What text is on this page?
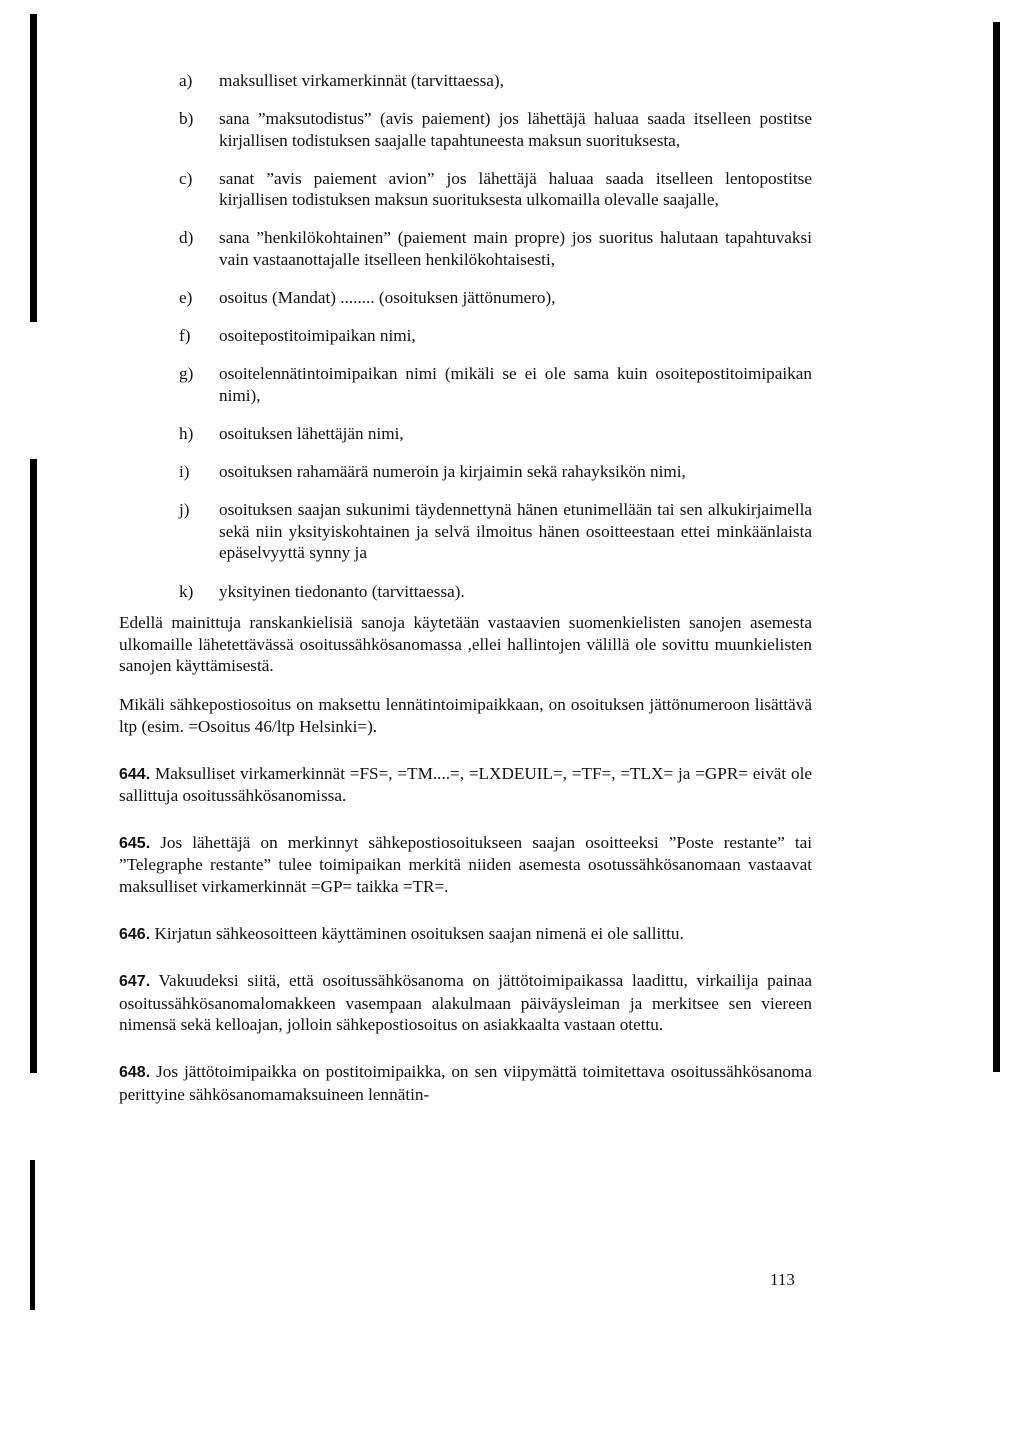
a)	maksulliset virkamerkinnät (tarvittaessa),
b)	sana ”maksutodistus” (avis paiement) jos lähettäjä haluaa saada itselleen postitse kirjallisen todistuksen saajalle tapahtuneesta maksun suorituksesta,
c)	sanat ”avis paiement avion” jos lähettäjä haluaa saada itselleen lentopostitse kirjallisen todistuksen maksun suorituksesta ulkomailla olevalle saajalle,
d)	sana ”henkilökohtainen” (paiement main propre) jos suoritus halutaan tapahtuvaksi vain vastaanottajalle itselleen henkilökohtaisesti,
e)	osoitus (Mandat) ........ (osoituksen jättönumero),
f)	osoitepostitoimipaikan nimi,
g)	osoitelennätintoimipaikan nimi (mikäli se ei ole sama kuin osoitepostitoimipaikan nimi),
h)	osoituksen lähettäjän nimi,
i)	osoituksen rahamäärä numeroin ja kirjaimin sekä rahayksikön nimi,
j)	osoituksen saajan sukunimi täydennettynä hänen etunimellään tai sen alkukirjaimella sekä niin yksityiskohtainen ja selvä ilmoitus hänen osoitteestaan ettei minkäänlaista epäselvyyttä synny ja
k)	yksityinen tiedonanto (tarvittaessa).

Edellä mainittuja ranskankielisiä sanoja käytetään vastaavien suomenkielisten sanojen asemesta ulkomaille lähetettävässä osoitussähkösanomassa ,ellei hallintojen välillä ole sovittu muunkielisten sanojen käyttämisestä.

Mikäli sähkepostiosoitus on maksettu lennätintoimipaikkaan, on osoituksen jättönumeroon lisättävä ltp (esim. =Osoitus 46/ltp Helsinki=).

644. Maksulliset virkamerkinnät =FS=, =TM....=, =LXDEUIL=, =TF=, =TLX= ja =GPR= eivät ole sallittuja osoitussähkösanomissa.

645. Jos lähettäjä on merkinnyt sähkepostiosoitukseen saajan osoitteeksi ”Poste restante” tai ”Telegraphe restante” tulee toimipaikan merkitä niiden asemesta osotussähkösanomaan vastaavat maksulliset virkamerkinnät =GP= taikka =TR=.

646. Kirjatun sähkeosoitteen käyttäminen osoituksen saajan nimenä ei ole sallittu.

647. Vakuudeksi siitä, että osoitussähkösanoma on jättötoimipaikassa laadittu, virkailija painaa osoitussähkösanomalomakkeen vasempaan alakulmaan päiväysleiman ja merkitsee sen viereen nimensä sekä kelloajan, jolloin sähkepostiosoitus on asiakkaalta vastaan otettu.

648. Jos jättötoimipaikka on postitoimipaikka, on sen viipymättä toimitettava osoitussähkösanoma perittyine sähkösanomamaksuineen lennätin-

113
